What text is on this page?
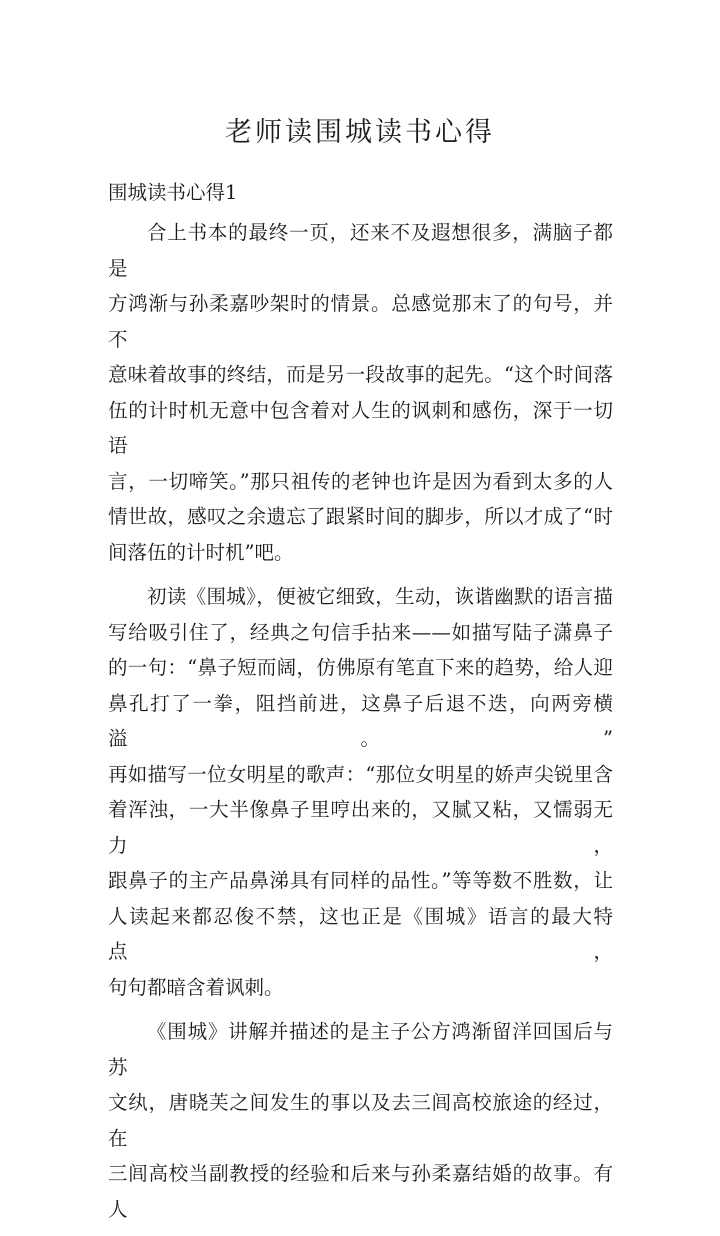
老师读围城读书心得
围城读书心得1

合上书本的最终一页，还来不及遐想很多，满脑子都是
方鸿渐与孙柔嘉吵架时的情景。总感觉那末了的句号，并不
意味着故事的终结，而是另一段故事的起先。“这个时间落
伍的计时机无意中包含着对人生的讽刺和感伤，深于一切语
言，一切啼笑。”那只祖传的老钟也许是因为看到太多的人
情世故，感叹之余遗忘了跟紧时间的脚步，所以才成了“时
间落伍的计时机”吧。

初读《围城》，便被它细致，生动，诙谐幽默的语言描
写给吸引住了，经典之句信手拈来——如描写陆子潇鼻子
的一句：“鼻子短而阔，仿佛原有笔直下来的趋势，给人迎
鼻孔打了一拳，阻挡前进，这鼻子后退不迭，向两旁横溢。”
再如描写一位女明星的歌声：“那位女明星的娇声尖锐里含
着浑浊，一大半像鼻子里哼出来的，又腻又粘，又懦弱无力，
跟鼻子的主产品鼻涕具有同样的品性。”等等数不胜数，让
人读起来都忍俊不禁，这也正是《围城》语言的最大特点，
句句都暗含着讽刺。

《围城》讲解并描述的是主子公方鸿渐留洋回国后与苏
文纨，唐晓芙之间发生的事以及去三闾高校旅途的经过，在
三闾高校当副教授的经验和后来与孙柔嘉结婚的故事。有人
